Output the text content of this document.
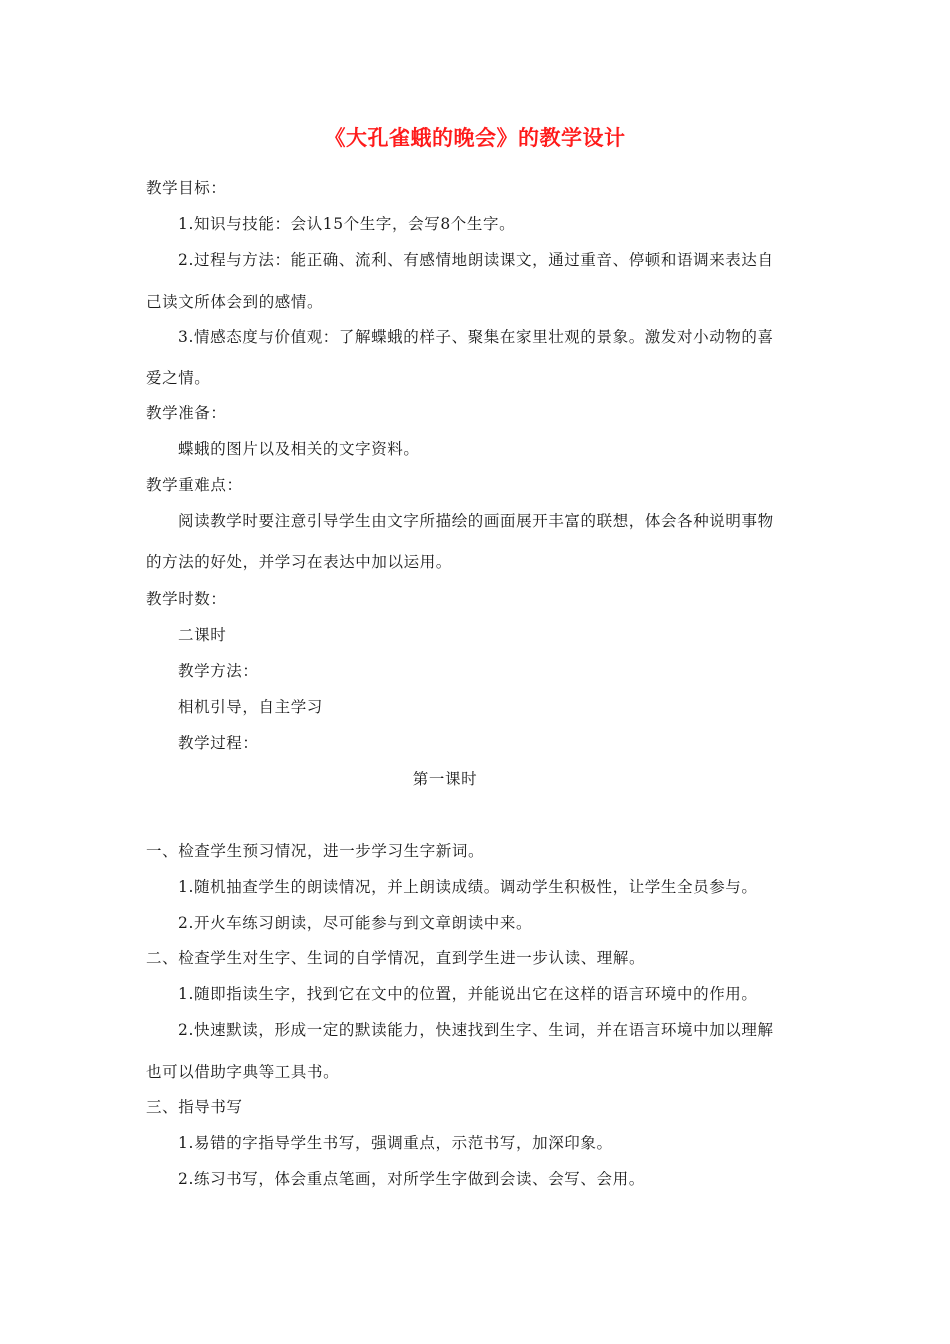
《大孔雀蛾的晚会》的教学设计
教学目标：
1.知识与技能：会认15个生字，会写8个生字。
2.过程与方法：能正确、流利、有感情地朗读课文，通过重音、停顿和语调来表达自
己读文所体会到的感情。
3.情感态度与价值观：了解蝶蛾的样子、聚集在家里壮观的景象。激发对小动物的喜
爱之情。
教学准备：
蝶蛾的图片以及相关的文字资料。
教学重难点：
阅读教学时要注意引导学生由文字所描绘的画面展开丰富的联想，体会各种说明事物
的方法的好处，并学习在表达中加以运用。
教学时数：
二课时
教学方法：
相机引导，自主学习
教学过程：
第一课时
一、检查学生预习情况，进一步学习生字新词。
1.随机抽查学生的朗读情况，并上朗读成绩。调动学生积极性，让学生全员参与。
2.开火车练习朗读，尽可能参与到文章朗读中来。
二、检查学生对生字、生词的自学情况，直到学生进一步认读、理解。
1.随即指读生字，找到它在文中的位置，并能说出它在这样的语言环境中的作用。
2.快速默读，形成一定的默读能力，快速找到生字、生词，并在语言环境中加以理解
也可以借助字典等工具书。
三、指导书写
1.易错的字指导学生书写，强调重点，示范书写，加深印象。
2.练习书写，体会重点笔画，对所学生字做到会读、会写、会用。
